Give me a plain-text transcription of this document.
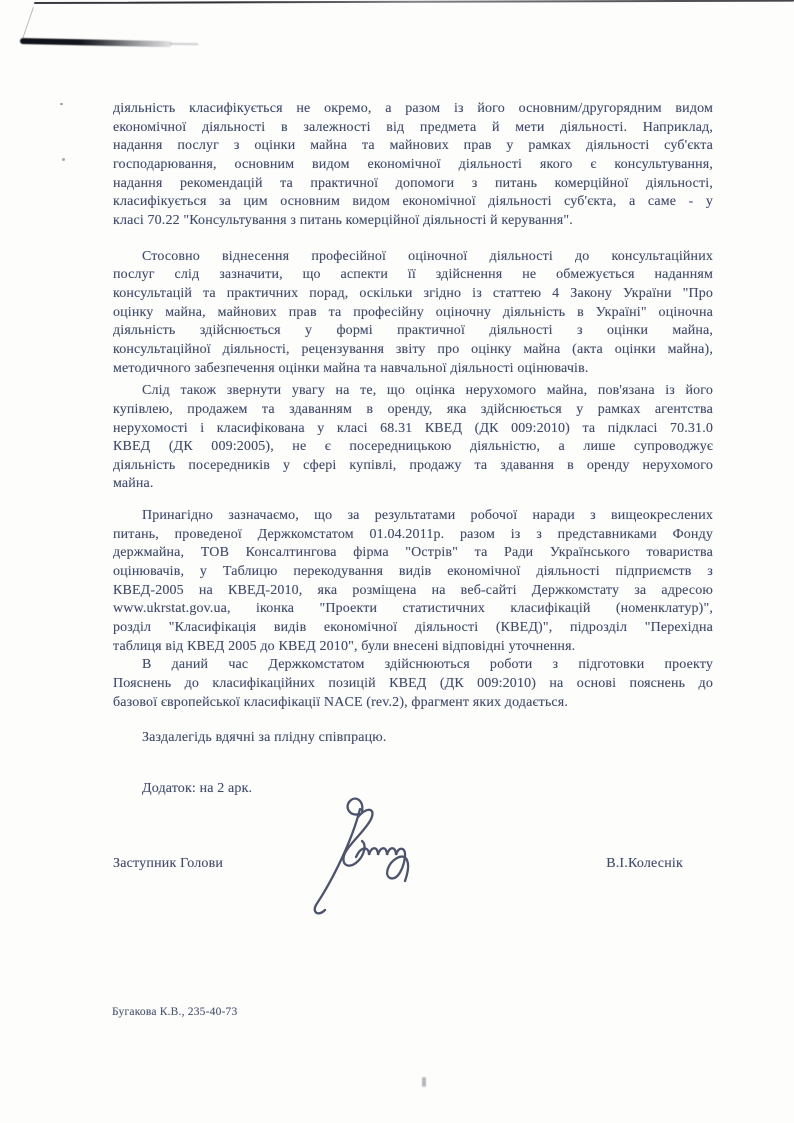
діяльність класифікується не окремо, а разом із його основним/другорядним видом
економічної діяльності в залежності від предмета й мети діяльності. Наприклад,
надання послуг з оцінки майна та майнових прав у рамках діяльності суб'єкта
господарювання, основним видом економічної діяльності якого є консультування,
надання рекомендацій та практичної допомоги з питань комерційної діяльності,
класифікується за цим основним видом економічної діяльності суб'єкта, а саме - у
класі 70.22 "Консультування з питань комерційної діяльності й керування".
Стосовно віднесення професійної оціночної діяльності до консультаційних
послуг слід зазначити, що аспекти її здійснення не обмежується наданням
консультацій та практичних порад, оскільки згідно із статтею 4 Закону України "Про
оцінку майна, майнових прав та професійну оціночну діяльність в Україні" оціночна
діяльність здійснюється у формі практичної діяльності з оцінки майна,
консультаційної діяльності, рецензування звіту про оцінку майна (акта оцінки майна),
методичного забезпечення оцінки майна та навчальної діяльності оцінювачів.
Слід також звернути увагу на те, що оцінка нерухомого майна, пов'язана із його
купівлею, продажем та здаванням в оренду, яка здійснюється у рамках агентства
нерухомості і класифікована у класі 68.31 КВЕД (ДК 009:2010) та підкласі 70.31.0
КВЕД (ДК 009:2005), не є посередницькою діяльністю, а лише супроводжує
діяльність посередників у сфері купівлі, продажу та здавання в оренду нерухомого
майна.
Принагідно зазначаємо, що за результатами робочої наради з вищеокреслених
питань, проведеної Держкомстатом 01.04.2011р. разом із з представниками Фонду
держмайна, ТОВ Консалтингова фірма "Острів" та Ради Українського товариства
оцінювачів, у Таблицю перекодування видів економічної діяльності підприємств з
КВЕД-2005 на КВЕД-2010, яка розміщена на веб-сайті Держкомстату за адресою
www.ukrstat.gov.ua, іконка "Проекти статистичних класифікацій (номенклатур)",
розділ "Класифікація видів економічної діяльності (КВЕД)", підрозділ "Перехідна
таблиця від КВЕД 2005 до КВЕД 2010", були внесені відповідні уточнення.
В даний час Держкомстатом здійснюються роботи з підготовки проекту
Пояснень до класифікаційних позицій КВЕД (ДК 009:2010) на основі пояснень до
базової європейської класифікації NACE (rev.2), фрагмент яких додається.
Заздалегідь вдячні за плідну співпрацю.
Додаток: на 2 арк.
Заступник Голови	В.І.Колеснік
Бугакова К.В., 235-40-73
